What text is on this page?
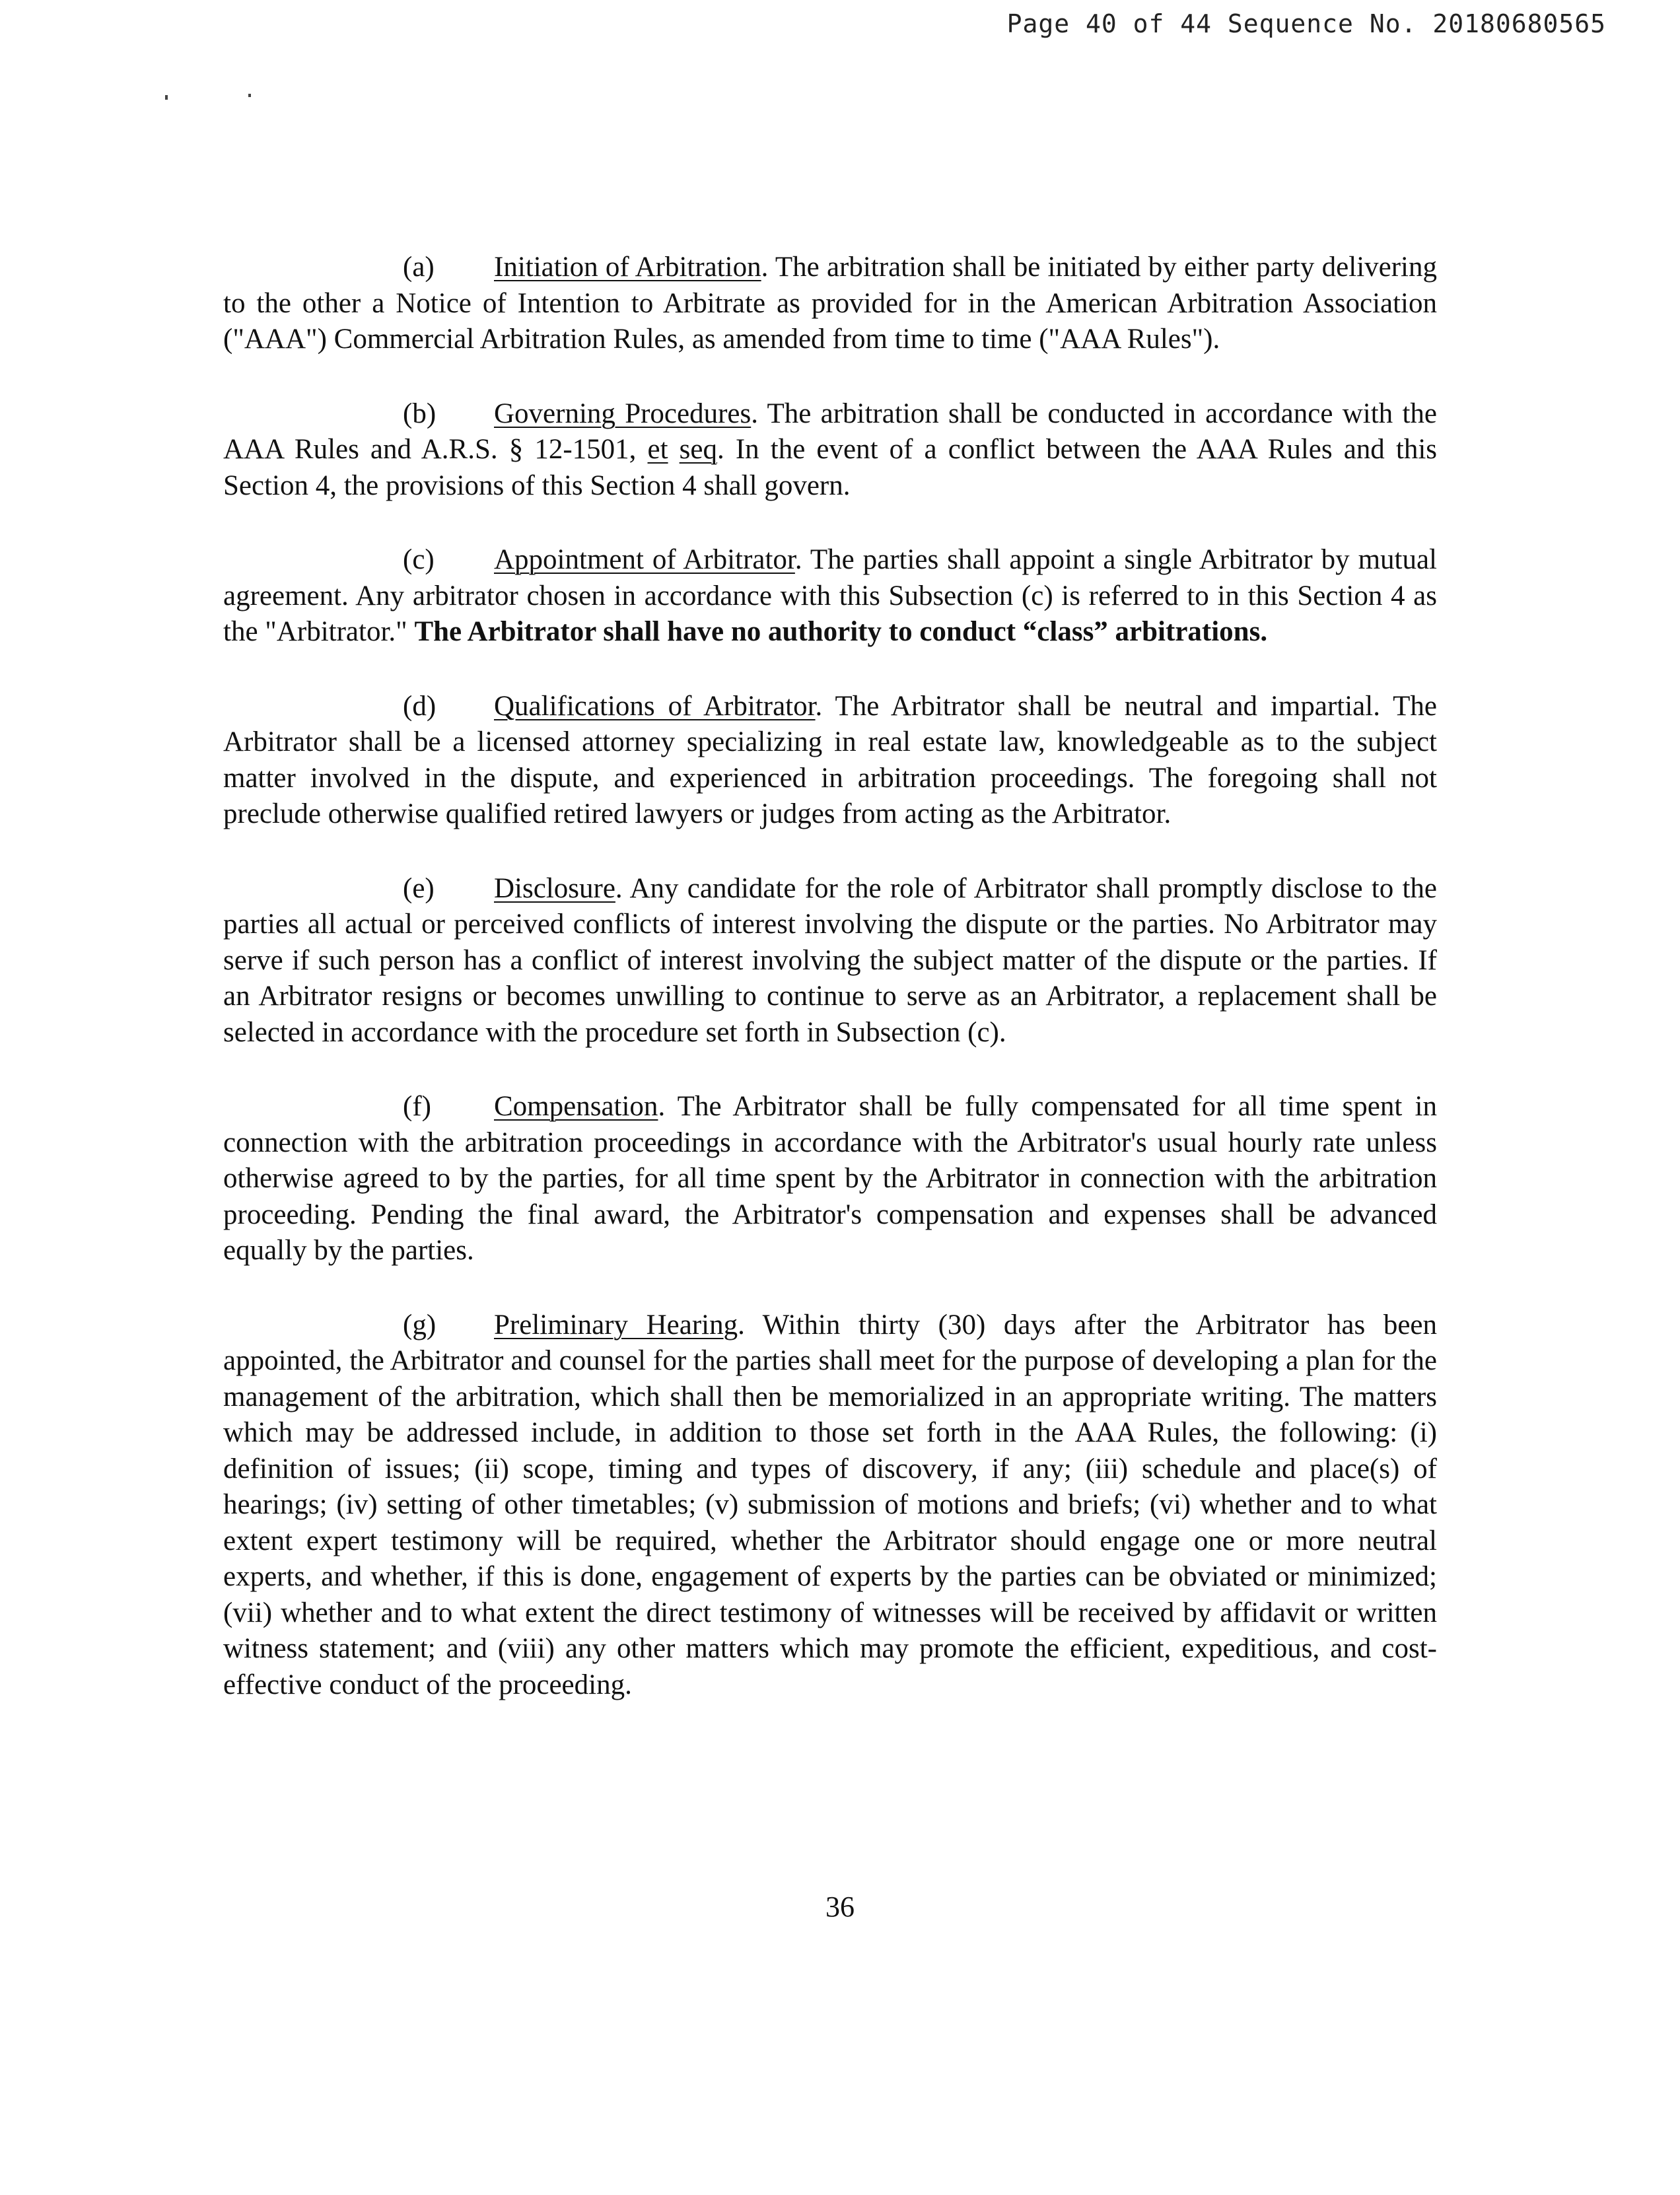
Page 40 of 44 Sequence No. 20180680565

(a) Initiation of Arbitration. The arbitration shall be initiated by either party delivering to the other a Notice of Intention to Arbitrate as provided for in the American Arbitration Association ("AAA") Commercial Arbitration Rules, as amended from time to time ("AAA Rules").

(b) Governing Procedures. The arbitration shall be conducted in accordance with the AAA Rules and A.R.S. § 12-1501, et seq. In the event of a conflict between the AAA Rules and this Section 4, the provisions of this Section 4 shall govern.

(c) Appointment of Arbitrator. The parties shall appoint a single Arbitrator by mutual agreement. Any arbitrator chosen in accordance with this Subsection (c) is referred to in this Section 4 as the "Arbitrator." The Arbitrator shall have no authority to conduct “class” arbitrations.

(d) Qualifications of Arbitrator. The Arbitrator shall be neutral and impartial. The Arbitrator shall be a licensed attorney specializing in real estate law, knowledgeable as to the subject matter involved in the dispute, and experienced in arbitration proceedings. The foregoing shall not preclude otherwise qualified retired lawyers or judges from acting as the Arbitrator.

(e) Disclosure. Any candidate for the role of Arbitrator shall promptly disclose to the parties all actual or perceived conflicts of interest involving the dispute or the parties. No Arbitrator may serve if such person has a conflict of interest involving the subject matter of the dispute or the parties. If an Arbitrator resigns or becomes unwilling to continue to serve as an Arbitrator, a replacement shall be selected in accordance with the procedure set forth in Subsection (c).

(f) Compensation. The Arbitrator shall be fully compensated for all time spent in connection with the arbitration proceedings in accordance with the Arbitrator's usual hourly rate unless otherwise agreed to by the parties, for all time spent by the Arbitrator in connection with the arbitration proceeding. Pending the final award, the Arbitrator's compensation and expenses shall be advanced equally by the parties.

(g) Preliminary Hearing. Within thirty (30) days after the Arbitrator has been appointed, the Arbitrator and counsel for the parties shall meet for the purpose of developing a plan for the management of the arbitration, which shall then be memorialized in an appropriate writing. The matters which may be addressed include, in addition to those set forth in the AAA Rules, the following: (i) definition of issues; (ii) scope, timing and types of discovery, if any; (iii) schedule and place(s) of hearings; (iv) setting of other timetables; (v) submission of motions and briefs; (vi) whether and to what extent expert testimony will be required, whether the Arbitrator should engage one or more neutral experts, and whether, if this is done, engagement of experts by the parties can be obviated or minimized; (vii) whether and to what extent the direct testimony of witnesses will be received by affidavit or written witness statement; and (viii) any other matters which may promote the efficient, expeditious, and cost-effective conduct of the proceeding.

36
